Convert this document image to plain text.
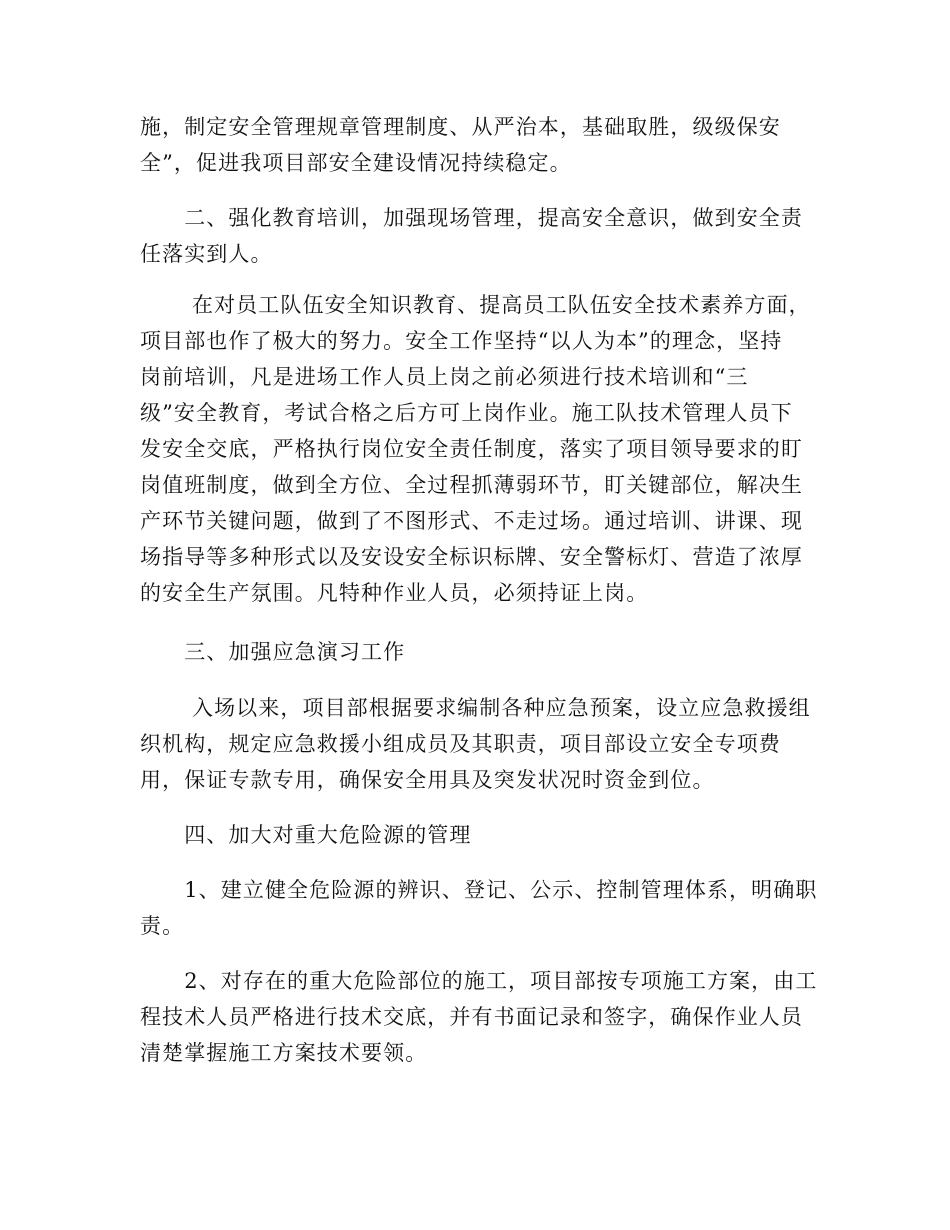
施，制定安全管理规章管理制度、从严治本，基础取胜，级级保安
全”，促进我项目部安全建设情况持续稳定。
　　二、强化教育培训，加强现场管理，提高安全意识，做到安全责
任落实到人。
　　 在对员工队伍安全知识教育、提高员工队伍安全技术素养方面，
项目部也作了极大的努力。安全工作坚持“以人为本”的理念，坚持
岗前培训，凡是进场工作人员上岗之前必须进行技术培训和“三
级”安全教育，考试合格之后方可上岗作业。施工队技术管理人员下
发安全交底，严格执行岗位安全责任制度，落实了项目领导要求的盯
岗值班制度，做到全方位、全过程抓薄弱环节，盯关键部位，解决生
产环节关键问题，做到了不图形式、不走过场。通过培训、讲课、现
场指导等多种形式以及安设安全标识标牌、安全警标灯、营造了浓厚
的安全生产氛围。凡特种作业人员，必须持证上岗。
　　三、加强应急演习工作
　　 入场以来，项目部根据要求编制各种应急预案，设立应急救援组
织机构，规定应急救援小组成员及其职责，项目部设立安全专项费
用，保证专款专用，确保安全用具及突发状况时资金到位。
　　四、加大对重大危险源的管理
　　1、建立健全危险源的辨识、登记、公示、控制管理体系，明确职
责。
　　2、对存在的重大危险部位的施工，项目部按专项施工方案，由工
程技术人员严格进行技术交底，并有书面记录和签字，确保作业人员
清楚掌握施工方案技术要领。
